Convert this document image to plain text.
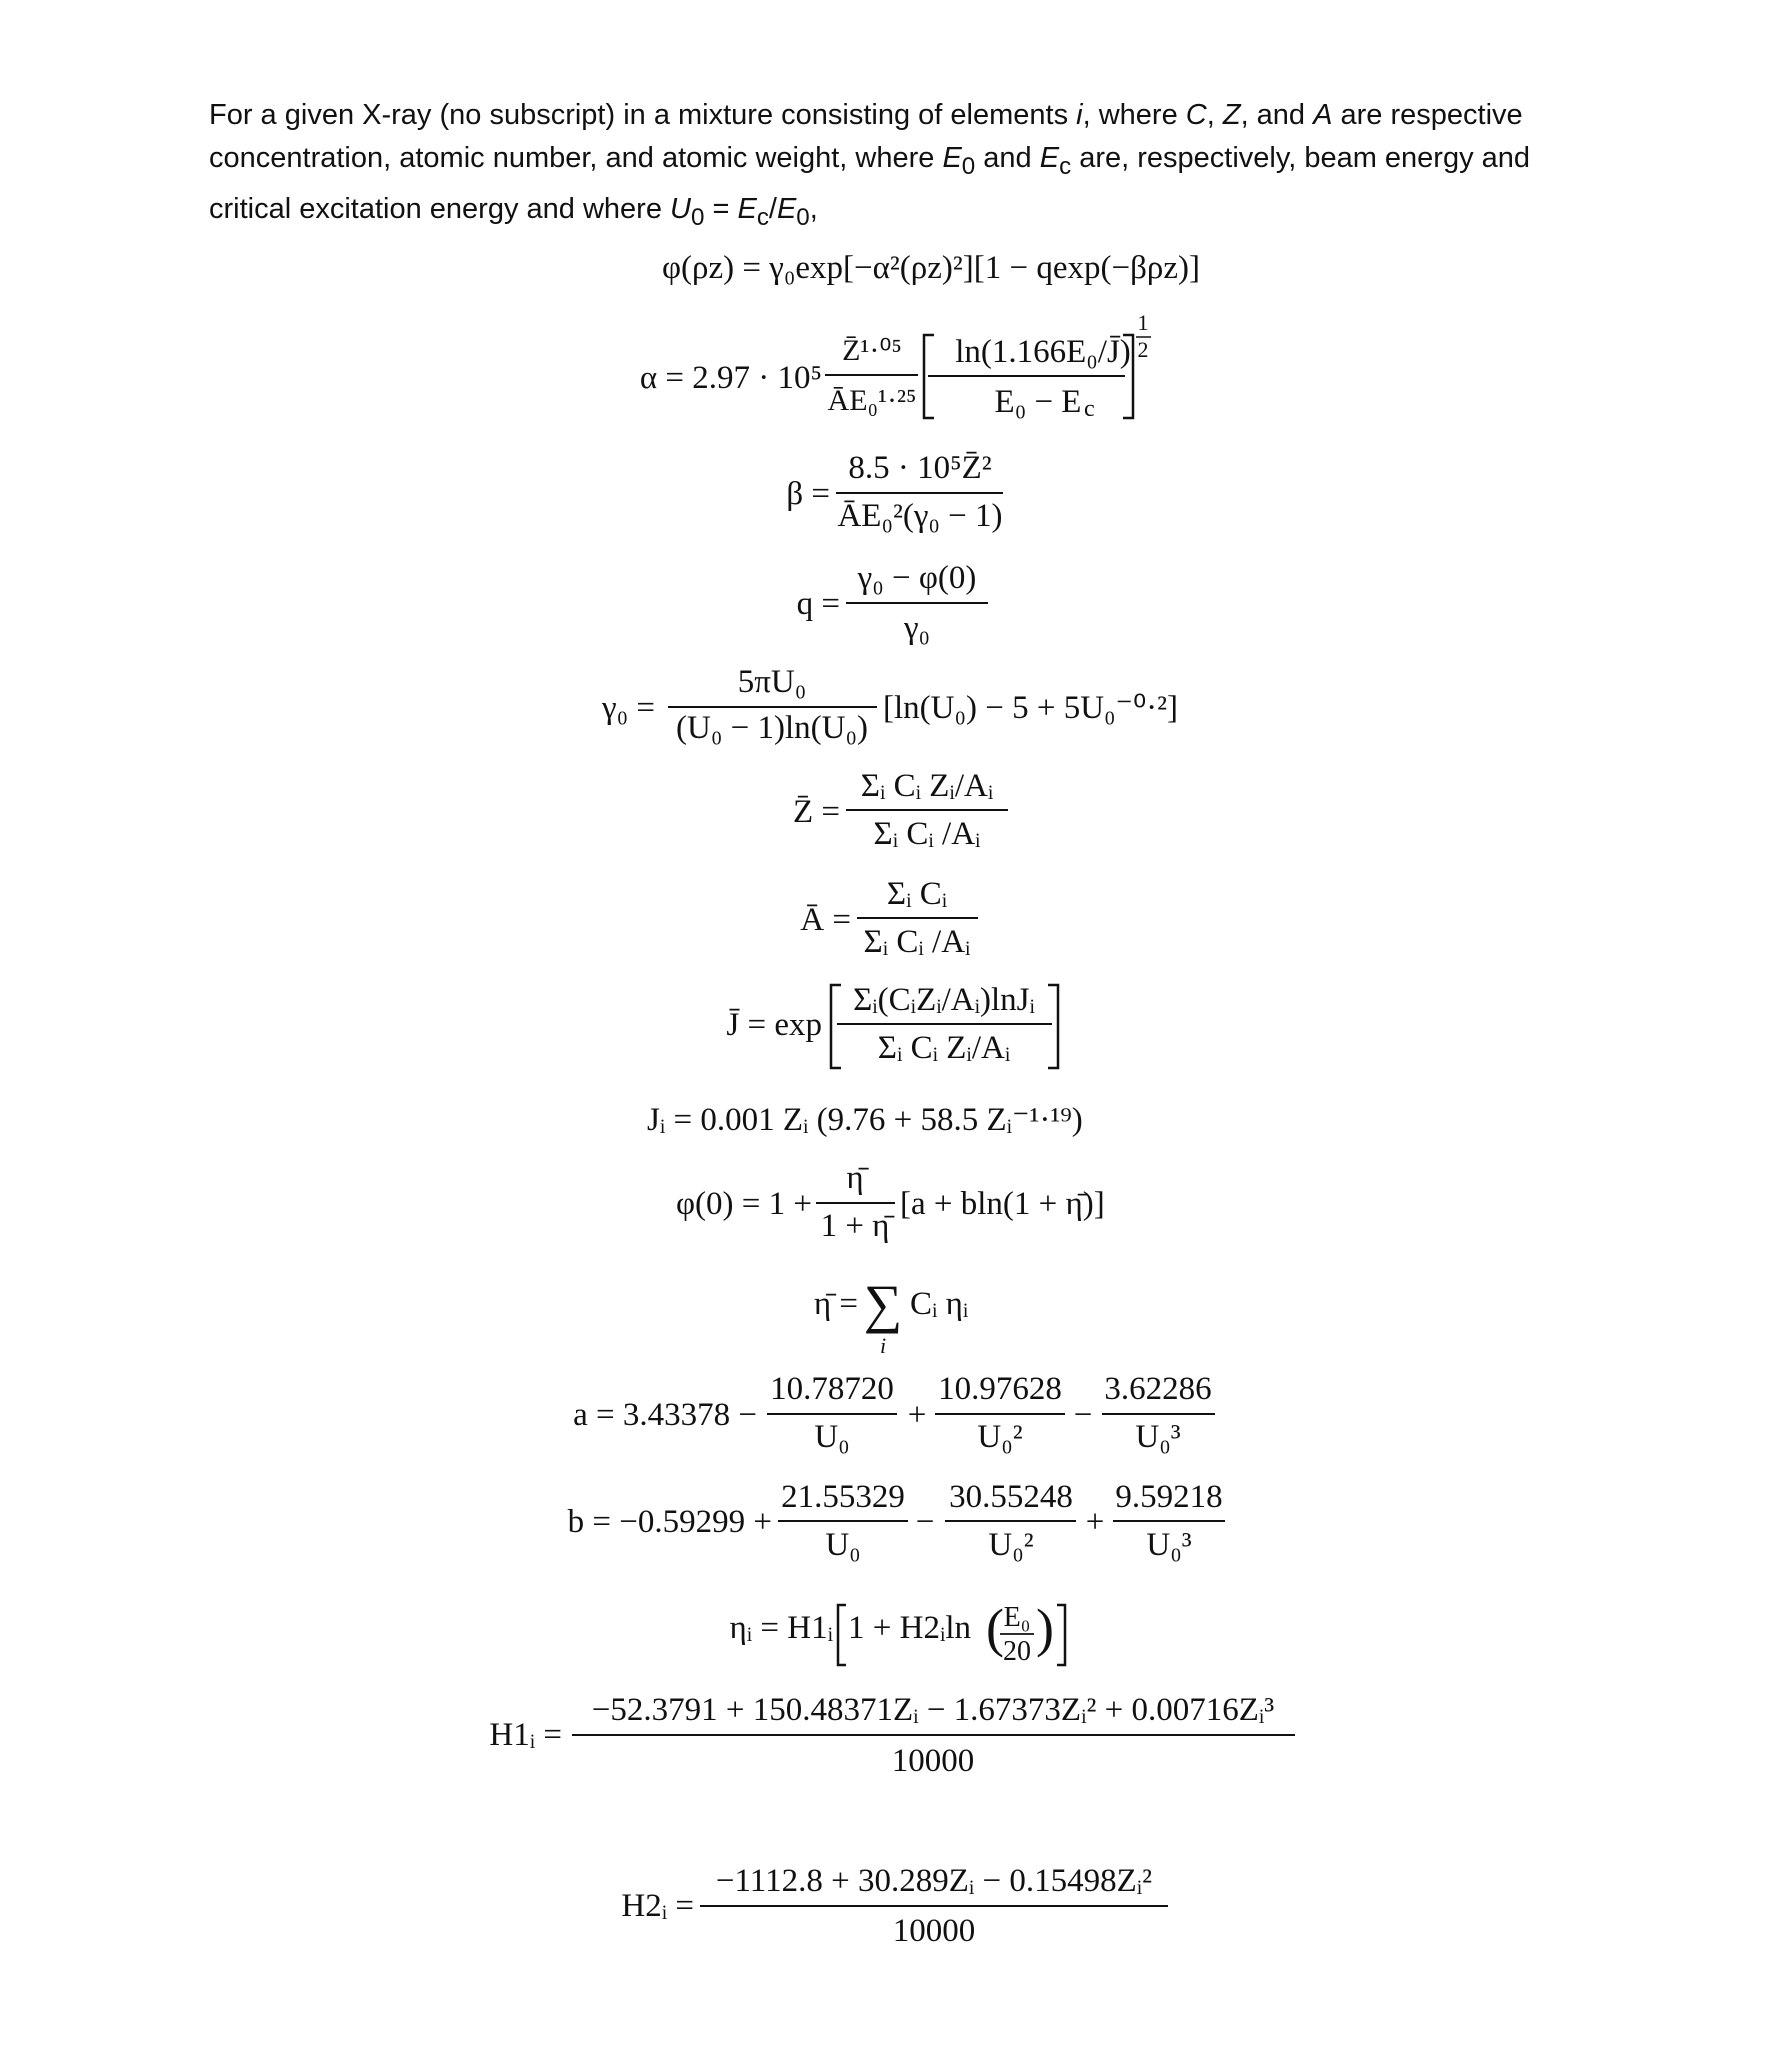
For a given X-ray (no subscript) in a mixture consisting of elements i, where C, Z, and A are respective concentration, atomic number, and atomic weight, where $E_0$ and $E_c$ are, respectively, beam energy and critical excitation energy and where $U_0 = E_c/E_0$,
φ(ρz) = γ₀exp[−α²(ρz)²][1 − qexp(−βρz)]
α = 2.97 · 10⁵
Z̄¹·⁰⁵
ĀE₀¹·²⁵
ln(1.166E₀/J̄)
E₀ − E c
1
2
β =
8.5 · 10⁵Z̄²
ĀE₀²(γ₀ − 1)
q =
γ₀ − φ(0)
γ₀
γ₀ =
5πU₀
(U₀ − 1)ln(U₀)
[ln(U₀) − 5 + 5U₀⁻⁰·²]
Z̄ =
Σᵢ Cᵢ Zᵢ/Aᵢ
Σᵢ Cᵢ /Aᵢ
Ā =
Σᵢ Cᵢ
Σᵢ Cᵢ /Aᵢ
J̄ = exp
Σᵢ(CᵢZᵢ/Aᵢ)lnJᵢ
Σᵢ Cᵢ Zᵢ/Aᵢ
Jᵢ = 0.001 Zᵢ (9.76 + 58.5 Zᵢ⁻¹·¹⁹)
φ(0) = 1 +
η̄
1 + η̄
[a + bln(1 + η̄)]
η̄ = ∑
i
Cᵢ ηᵢ
a = 3.43378 −
10.78720
U₀
+
10.97628
U₀²
−
3.62286
U₀³
b = −0.59299 +
21.55329
U₀
−
30.55248
U₀²
+
9.59218
U₀³
ηᵢ = H1ᵢ 1 + H2ᵢln ( E₀
20 )
H1ᵢ =
−52.3791 + 150.48371Zᵢ − 1.67373Zᵢ² + 0.00716Zᵢ³
10000
H2ᵢ =
−1112.8 + 30.289Zᵢ − 0.15498Zᵢ²
10000
